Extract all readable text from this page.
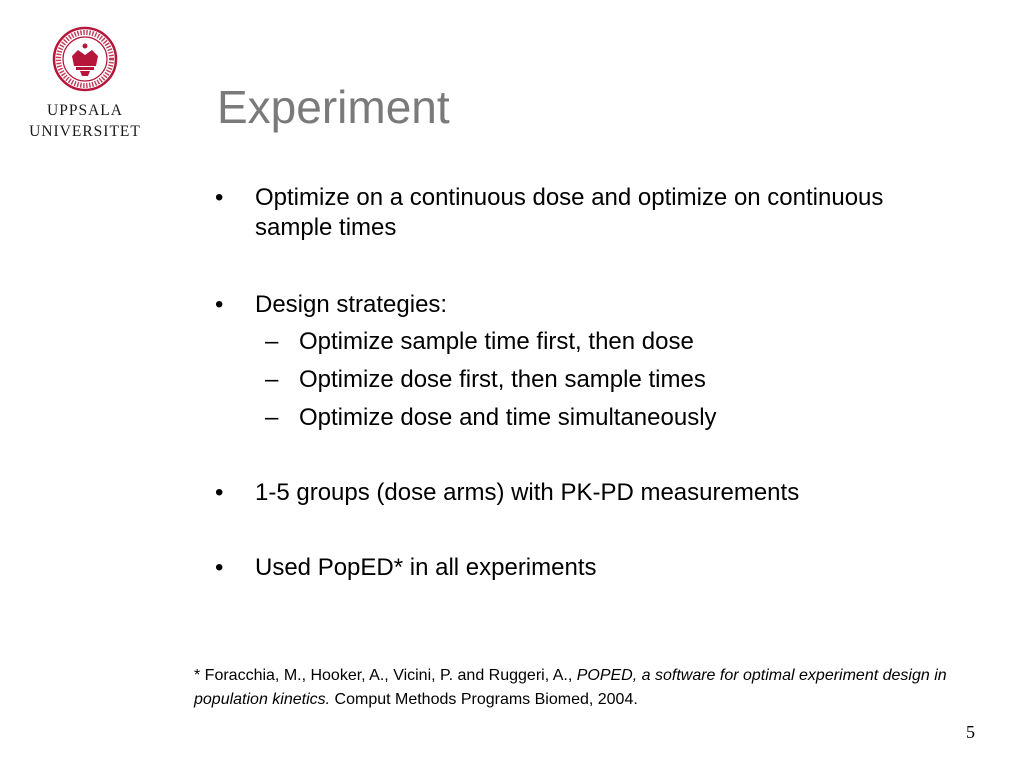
UPPSALA
UNIVERSITET Experiment
• Optimize on a continuous dose and optimize on continuous sample times
• Design strategies:
– Optimize sample time first, then dose
– Optimize dose first, then sample times
– Optimize dose and time simultaneously
• 1-5 groups (dose arms) with PK-PD measurements
• Used PopED* in all experiments
* Foracchia, M., Hooker, A., Vicini, P. and Ruggeri, A., POPED, a software for optimal experiment design in population kinetics. Comput Methods Programs Biomed, 2004.
5
